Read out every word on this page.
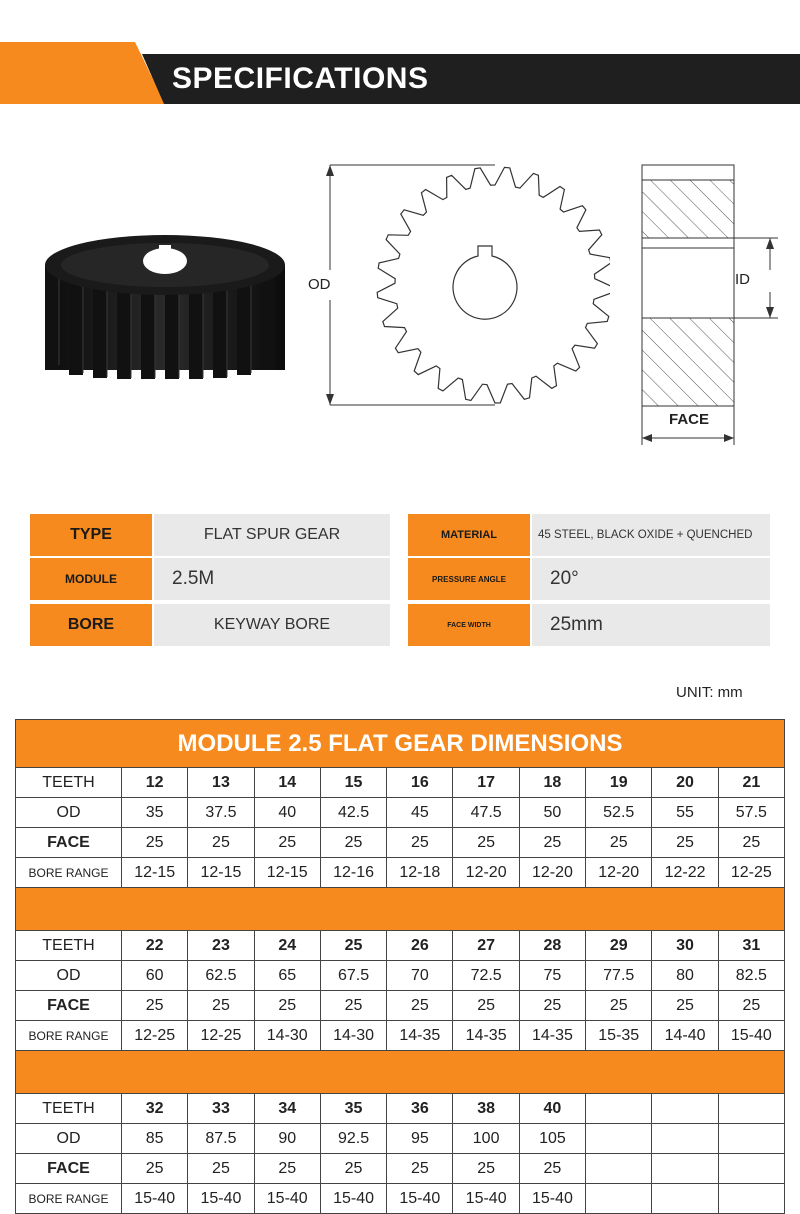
SPECIFICATIONS
OD	ID
FACE
TYPE	FLAT SPUR GEAR
MODULE	2.5M
BORE	KEYWAY BORE
MATERIAL	45 STEEL, BLACK OXIDE + QUENCHED
PRESSURE ANGLE	20°
FACE WIDTH	25mm
UNIT: mm
MODULE 2.5 FLAT GEAR DIMENSIONS
TEETH	12	13	14	15	16	17	18	19	20	21
OD	35	37.5	40	42.5	45	47.5	50	52.5	55	57.5
FACE	25	25	25	25	25	25	25	25	25	25
BORE RANGE	12-15	12-15	12-15	12-16	12-18	12-20	12-20	12-20	12-22	12-25
TEETH	22	23	24	25	26	27	28	29	30	31
OD	60	62.5	65	67.5	70	72.5	75	77.5	80	82.5
FACE	25	25	25	25	25	25	25	25	25	25
BORE RANGE	12-25	12-25	14-30	14-30	14-35	14-35	14-35	15-35	14-40	15-40
TEETH	32	33	34	35	36	38	40			
OD	85	87.5	90	92.5	95	100	105			
FACE	25	25	25	25	25	25	25			
BORE RANGE	15-40	15-40	15-40	15-40	15-40	15-40	15-40			
